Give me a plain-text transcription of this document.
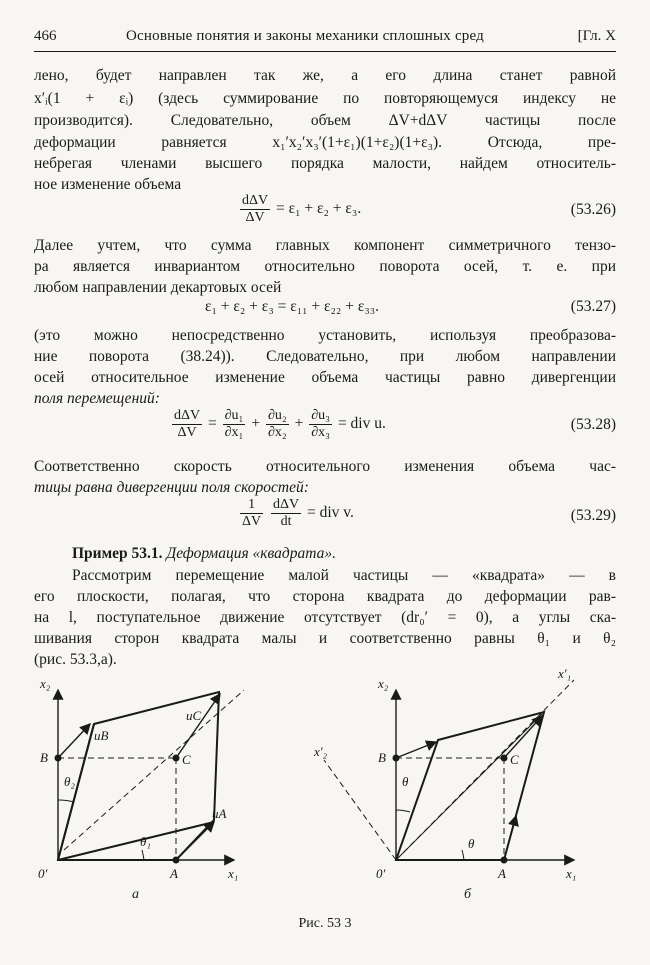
466	Основные понятия и законы механики сплошных сред	[Гл. X
лено, будет направлен так же, а его длина станет равной
x′ᵢ(1 + εᵢ) (здесь суммирование по повторяющемуся индексу не
производится). Следовательно, объем ΔV+dΔV частицы после
деформации равняется x₁′x₂′x₃′(1+ε₁)(1+ε₂)(1+ε₃). Отсюда, пре-
небрегая членами высшего порядка малости, найдем относитель-
ное изменение объема
$\frac{\text{dΔV}}{\Delta V} = \varepsilon_1 + \varepsilon_2 + \varepsilon_3$.	(53.26)
Далее учтем, что сумма главных компонент симметричного тензо-
ра является инвариантом относительно поворота осей, т. е. при
любом направлении декартовых осей
ε₁ + ε₂ + ε₃ = ε₁₁ + ε₂₂ + ε₃₃.	(53.27)
(это можно непосредственно установить, используя преобразова-
ние поворота (38.24)). Следовательно, при любом направлении
осей относительное изменение объема частицы равно дивергенции
поля перемещений:
$\frac{\text{dΔV}}{\Delta V} = \frac{\text{∂u₁}}{\text{∂x₁}} + \frac{\text{∂u₂}}{\text{∂x₂}} + \frac{\text{∂u₃}}{\text{∂x₃}}$ = div u.	(53.28)
Соответственно скорость относительного изменения объема час-
тицы равна дивергенции поля скоростей:
$\frac{1}{\Delta V}$
$\frac{\text{dΔV}}{dt}$ = div v.	(53.29)
Пример 53.1. Деформация «квадрата».
Рассмотрим перемещение малой частицы — «квадрата» — в
его плоскости, полагая, что сторона квадрата до деформации рав-
на l, поступательное движение отсутствует (dr₀′ = 0), а углы ска-
шивания сторон квадрата малы и соответственно равны θ₁ и θ₂
(рис. 53.3,a).
x₂
x₁
0′	A
B	C
uB
uC
uA
θ₁
θ₂
a
x₂
x₁
x′₂
x′₁
0′	A
B	C
θ
θ
б
Рис. 53 3
